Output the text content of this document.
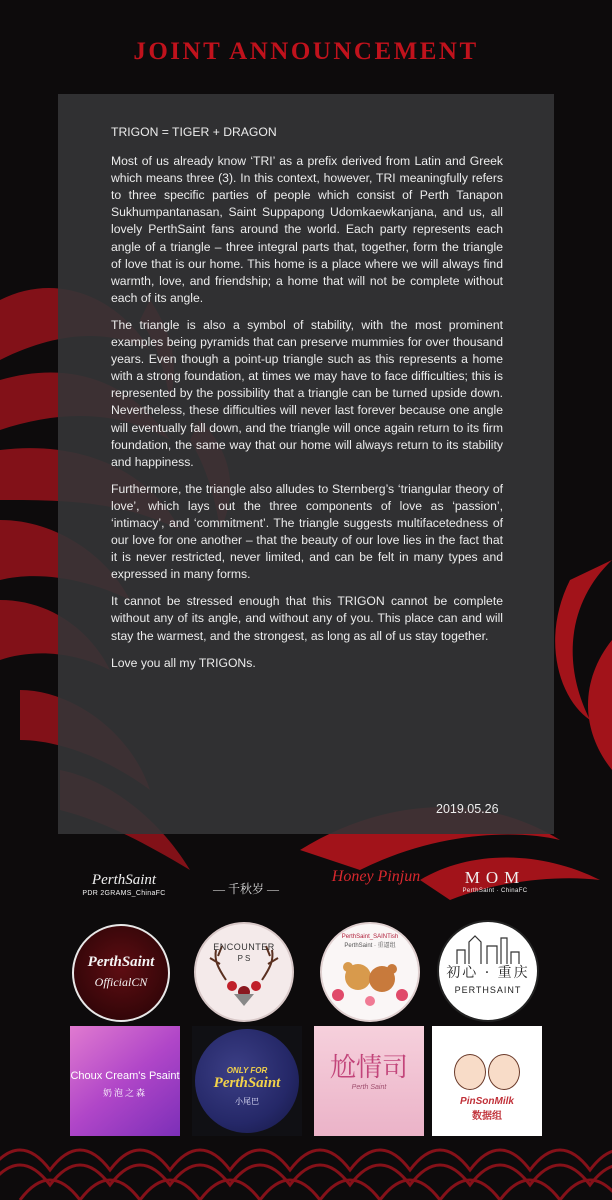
JOINT ANNOUNCEMENT

TRIGON = TIGER + DRAGON

Most of us already know ‘TRI’ as a prefix derived from Latin and Greek which means three (3). In this context, however, TRI meaningfully refers to three specific parties of people which consist of Perth Tanapon Sukhumpantanasan, Saint Suppapong Udomkaewkanjana, and us, all lovely PerthSaint fans around the world. Each party represents each angle of a triangle – three integral parts that, together, form the triangle of love that is our home. This home is a place where we will always find warmth, love, and friendship; a home that will not be complete without each of its angle.

The triangle is also a symbol of stability, with the most prominent examples being pyramids that can preserve mummies for over thousand years. Even though a point-up triangle such as this represents a home with a strong foundation, at times we may have to face difficulties; this is represented by the possibility that a triangle can be turned upside down. Nevertheless, these difficulties will never last forever because one angle will eventually fall down, and the triangle will once again return to its firm foundation, the same way that our home will always return to its stability and happiness.

Furthermore, the triangle also alludes to Sternberg’s ‘triangular theory of love’, which lays out the three components of love as ‘passion’, ‘intimacy’, and ‘commitment’. The triangle suggests multifacetedness of our love for one another – that the beauty of our love lies in the fact that it is never restricted, never limited, and can be felt in many types and expressed in many forms.

It cannot be stressed enough that this TRIGON cannot be complete without any of its angle, and without any of you. This place can and will stay the warmest, and the strongest, as long as all of us stay together.

Love you all my TRIGONs.

2019.05.26
PerthSaint
PDR 2GRAMS_ChinaFC	— 千秋岁 —
Honey Pinjun	MOM
PerthSaint · ChinaFC
PerthSaint
OfficialCN
ENCOUNTER
P S
PerthSaint_SAINTish
PerthSaint · 重逼组
初心 · 重庆
PERTHSAINT
Choux Cream's Psaint
奶泡之森
ONLY FOR
PerthSaint
小尾巴
尬情司
Perth Saint
PinSonMilk
数据组
